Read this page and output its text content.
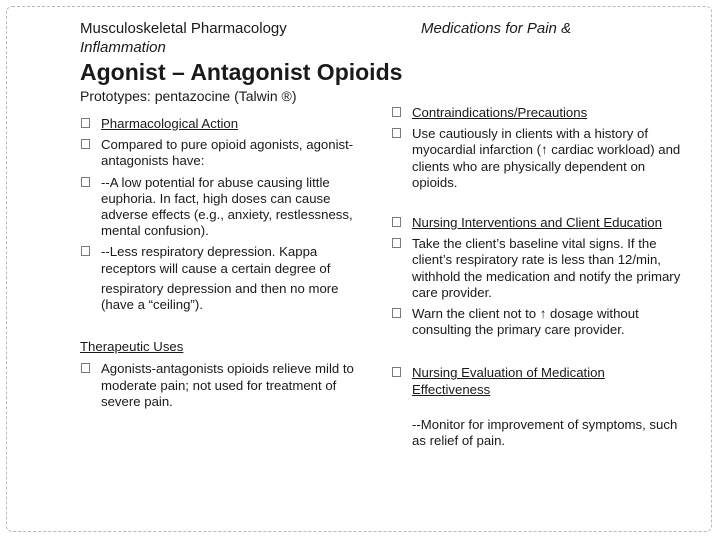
Musculoskeletal Pharmacology
Inflammation
Medications for Pain &
Agonist – Antagonist Opioids
Prototypes: pentazocine (Talwin ®)
Pharmacological Action
Compared to pure opioid agonists, agonist-antagonists have:
--A low potential for abuse causing little euphoria. In fact, high doses can cause adverse effects (e.g., anxiety, restlessness, mental confusion).
--Less respiratory depression. Kappa receptors will cause a certain degree of
respiratory depression and then no more (have a “ceiling”).
Therapeutic Uses
Agonists-antagonists opioids relieve mild to moderate pain; not used for treatment of severe pain.
Contraindications/Precautions
Use cautiously in clients with a history of myocardial infarction (↑ cardiac workload) and clients who are physically dependent on opioids.
Nursing Interventions and Client Education
Take the client’s baseline vital signs. If the client’s respiratory rate is less than 12/min, withhold the medication and notify the primary care provider.
Warn the client not to ↑ dosage without consulting the primary care provider.
Nursing Evaluation of Medication Effectiveness
--Monitor for improvement of symptoms, such as relief of pain.
